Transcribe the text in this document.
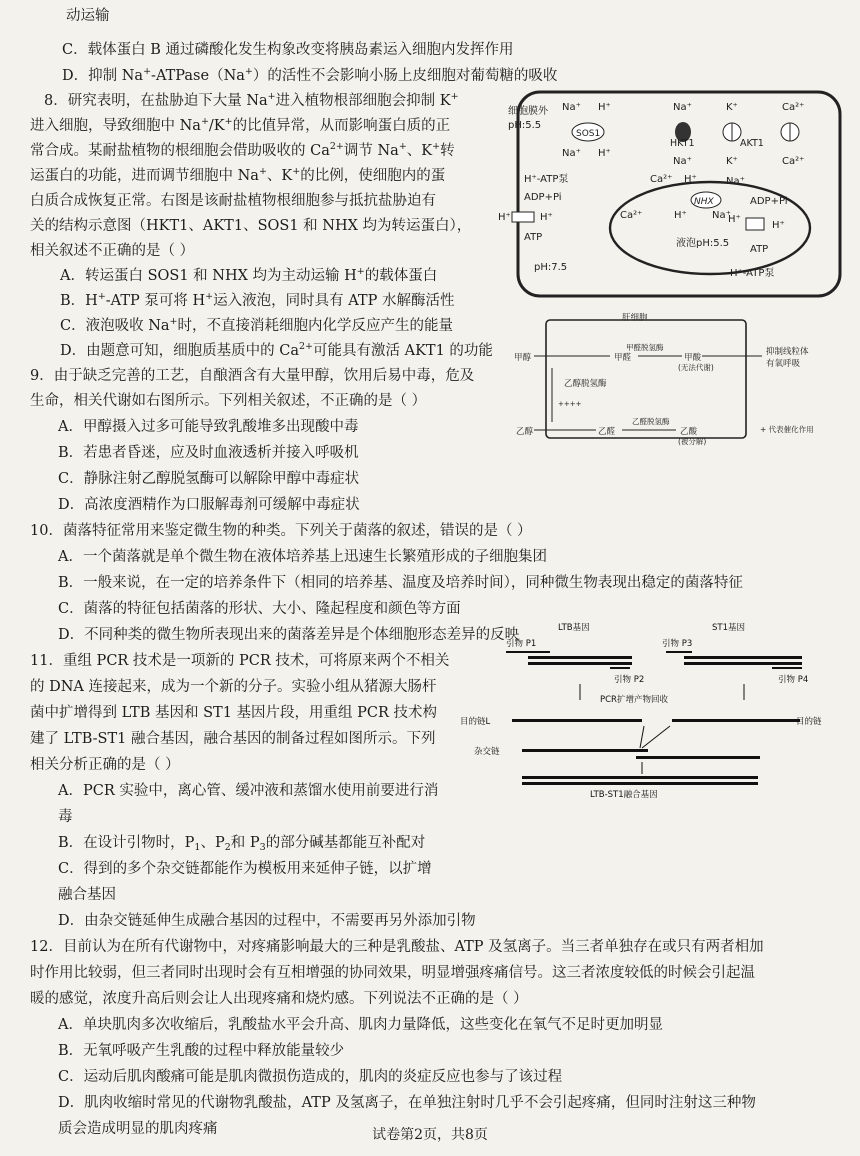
动运输
C．载体蛋白 B 通过磷酸化发生构象改变将胰岛素运入细胞内发挥作用
D．抑制 Na+-ATPase（Na+）的活性不会影响小肠上皮细胞对葡萄糖的吸收
8．研究表明，在盐胁迫下大量 Na+进入植物根部细胞会抑制 K+
进入细胞，导致细胞中 Na+/K+的比值异常，从而影响蛋白质的正
常合成。某耐盐植物的根细胞会借助吸收的 $Ca^{2+}$调节 Na+、K+转
运蛋白的功能，进而调节细胞中 Na+、K+的比例，使细胞内的蛋
白质合成恢复正常。右图是该耐盐植物根细胞参与抵抗盐胁迫有
关的结构示意图（HKT1、AKT1、SOS1 和 NHX 均为转运蛋白），
相关叙述不正确的是（ ）
A．转运蛋白 SOS1 和 NHX 均为主动运输 H+的载体蛋白
B．H+-ATP 泵可将 H+运入液泡，同时具有 ATP 水解酶活性
C．液泡吸收 Na+时，不直接消耗细胞内化学反应产生的能量
D．由题意可知，细胞质基质中的 $Ca^{2+}$可能具有激活 AKT1 的功能
9．由于缺乏完善的工艺，自酿酒含有大量甲醇，饮用后易中毒，危及
生命，相关代谢如右图所示。下列相关叙述，不正确的是（ ）
A．甲醇摄入过多可能导致乳酸堆多出现酸中毒
B．若患者昏迷，应及时血液透析并接入呼吸机
C．静脉注射乙醇脱氢酶可以解除甲醇中毒症状
D．高浓度酒精作为口服解毒剂可缓解中毒症状
10．菌落特征常用来鉴定微生物的种类。下列关于菌落的叙述，错误的是（ ）
A．一个菌落就是单个微生物在液体培养基上迅速生长繁殖形成的子细胞集团
B．一般来说，在一定的培养条件下（相同的培养基、温度及培养时间），同种微生物表现出稳定的菌落特征
C．菌落的特征包括菌落的形状、大小、隆起程度和颜色等方面
D．不同种类的微生物所表现出来的菌落差异是个体细胞形态差异的反映
11．重组 PCR 技术是一项新的 PCR 技术，可将原来两个不相关
的 DNA 连接起来，成为一个新的分子。实验小组从猪源大肠杆
菌中扩增得到 LTB 基因和 ST1 基因片段，用重组 PCR 技术构
建了 LTB-ST1 融合基因，融合基因的制备过程如图所示。下列
相关分析正确的是（ ）
A．PCR 实验中，离心管、缓冲液和蒸馏水使用前要进行消
毒
B．在设计引物时，$P_1$、$P_2$和 $P_3$的部分碱基都能互补配对
C．得到的多个杂交链都能作为模板用来延伸子链，以扩增
融合基因
D．由杂交链延伸生成融合基因的过程中，不需要再另外添加引物
12．目前认为在所有代谢物中，对疼痛影响最大的三种是乳酸盐、ATP 及氢离子。当三者单独存在或只有两者相加
时作用比较弱，但三者同时出现时会有互相增强的协同效果，明显增强疼痛信号。这三者浓度较低的时候会引起温
暖的感觉，浓度升高后则会让人出现疼痛和烧灼感。下列说法不正确的是（ ）
A．单块肌肉多次收缩后，乳酸盐水平会升高、肌肉力量降低，这些变化在氧气不足时更加明显
B．无氧呼吸产生乳酸的过程中释放能量较少
C．运动后肌肉酸痛可能是肌肉微损伤造成的，肌肉的炎症反应也参与了该过程
D．肌肉收缩时常见的代谢物乳酸盐，ATP 及氢离子，在单独注射时几乎不会引起疼痛，但同时注射这三种物
质会造成明显的肌肉疼痛
细胞膜外
pH:5.5
SOS1
Na⁺ H⁺
Na⁺ H⁺
Na⁺
HKT1
Na⁺
K⁺
AKT1
K⁺
Ca²⁺
Ca²⁺
H⁺-ATP泵
ADP+Pi
H⁺	H⁺
ATP
Ca²⁺
Ca²⁺
H⁺
NHX
Na⁺
H⁺	Na⁺
液泡pH:5.5
ADP+Pi
H⁺
H⁺
ATP
H⁺-ATP泵
pH:7.5
肝细胞
甲醇	甲醛
甲醛脱氢酶
甲酸
(无法代谢)
抑制线粒体
有氧呼吸
乙醇脱氢酶
++++
乙醇	乙醛
乙醛脱氢酶
乙酸
(被分解)
+ 代表催化作用
LTB基因	ST1基因
引物 P1
引物 P2
引物 P3
引物 P4
PCR扩增产物回收
目的链L	目的链
杂交链
LTB-ST1融合基因
试卷第2页，共8页
